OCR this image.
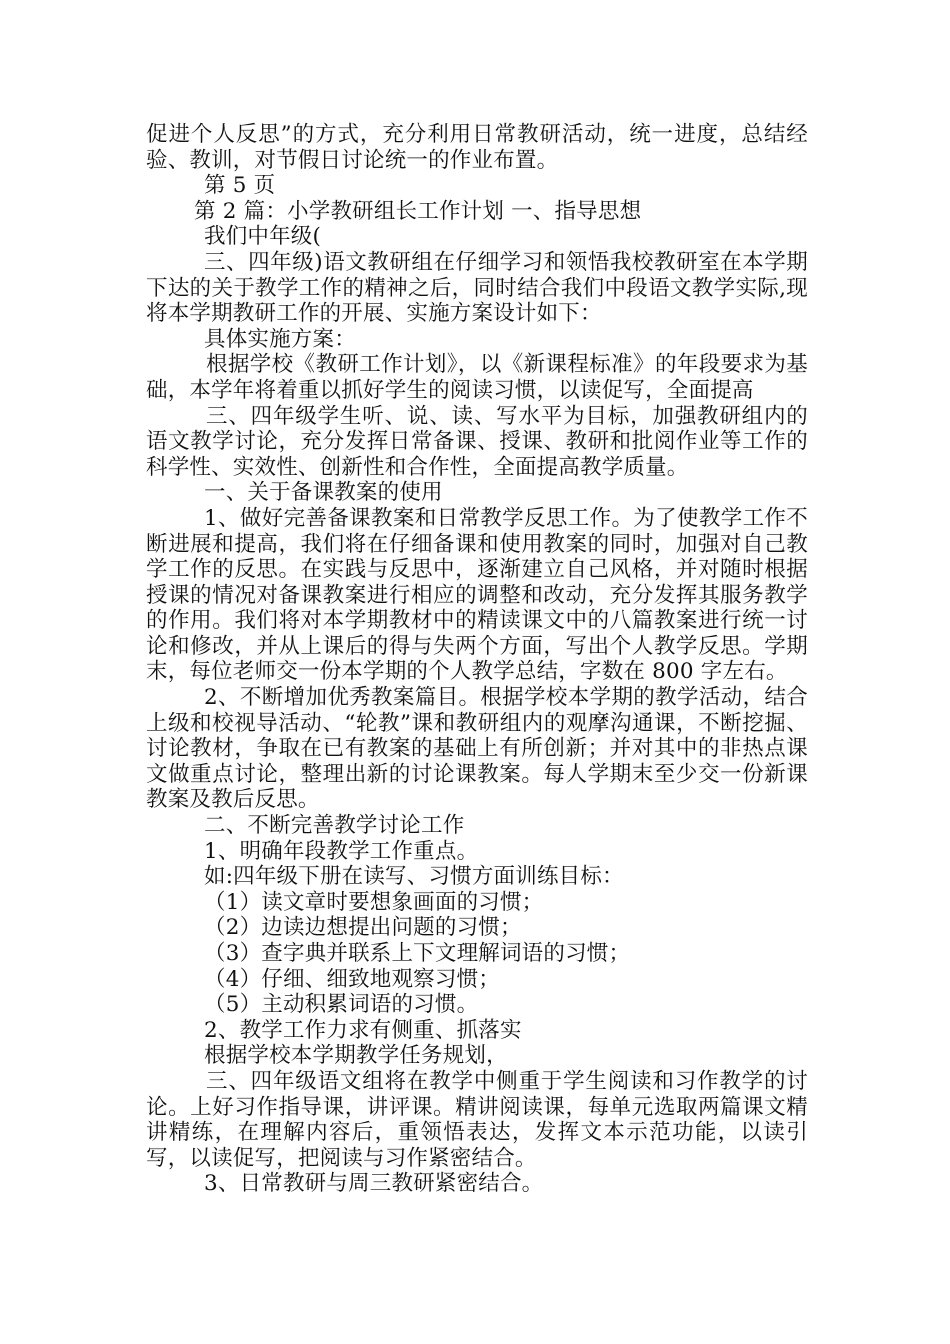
促进个人反思”的方式，充分利用日常教研活动，统一进度，总结经验、教训，对节假日讨论统一的作业布置。

第 5 页

第 2 篇：小学教研组长工作计划 一、指导思想

我们中年级(

三、四年级)语文教研组在仔细学习和领悟我校教研室在本学期下达的关于教学工作的精神之后，同时结合我们中段语文教学实际,现将本学期教研工作的开展、实施方案设计如下：

具体实施方案：

根据学校《教研工作计划》，以《新课程标准》的年段要求为基础，本学年将着重以抓好学生的阅读习惯，以读促写，全面提高

三、四年级学生听、说、读、写水平为目标，加强教研组内的语文教学讨论，充分发挥日常备课、授课、教研和批阅作业等工作的科学性、实效性、创新性和合作性，全面提高教学质量。

一、关于备课教案的使用

1、做好完善备课教案和日常教学反思工作。为了使教学工作不断进展和提高，我们将在仔细备课和使用教案的同时，加强对自己教学工作的反思。在实践与反思中，逐渐建立自己风格，并对随时根据授课的情况对备课教案进行相应的调整和改动，充分发挥其服务教学的作用。我们将对本学期教材中的精读课文中的八篇教案进行统一讨论和修改，并从上课后的得与失两个方面，写出个人教学反思。学期末，每位老师交一份本学期的个人教学总结，字数在 800 字左右。

2、不断增加优秀教案篇目。根据学校本学期的教学活动，结合上级和校视导活动、“轮教”课和教研组内的观摩沟通课，不断挖掘、讨论教材，争取在已有教案的基础上有所创新；并对其中的非热点课文做重点讨论，整理出新的讨论课教案。每人学期末至少交一份新课教案及教后反思。

二、不断完善教学讨论工作

1、明确年段教学工作重点。

如:四年级下册在读写、习惯方面训练目标：

（1）读文章时要想象画面的习惯；

（2）边读边想提出问题的习惯；

（3）查字典并联系上下文理解词语的习惯；

（4）仔细、细致地观察习惯；

（5）主动积累词语的习惯。

2、教学工作力求有侧重、抓落实

根据学校本学期教学任务规划，

三、四年级语文组将在教学中侧重于学生阅读和习作教学的讨论。上好习作指导课，讲评课。精讲阅读课，每单元选取两篇课文精讲精练，在理解内容后，重领悟表达，发挥文本示范功能，以读引写，以读促写，把阅读与习作紧密结合。

3、日常教研与周三教研紧密结合。
